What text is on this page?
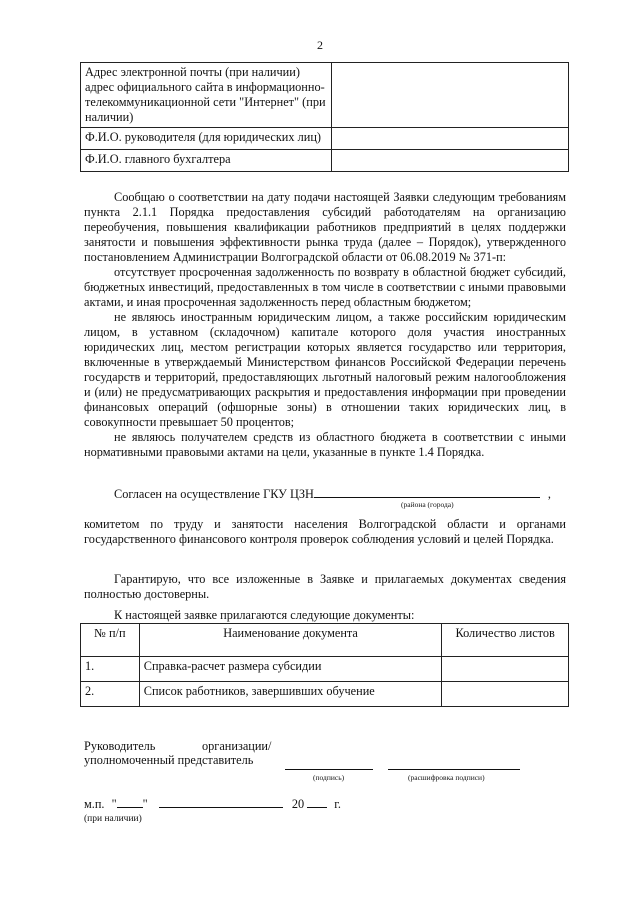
2
Адрес электронной почты (при наличии) адрес официального сайта в информационно-телекоммуникационной сети "Интернет" (при наличии)	
Ф.И.О. руководителя (для юридических лиц)	
Ф.И.О. главного бухгалтера	

Сообщаю о соответствии на дату подачи настоящей Заявки следующим требованиям пункта 2.1.1 Порядка предоставления субсидий работодателям на организацию переобучения, повышения квалификации работников предприятий в целях поддержки занятости и повышения эффективности рынка труда (далее – Порядок), утвержденного постановлением Администрации Волгоградской области от 06.08.2019 № 371-п:

отсутствует просроченная задолженность по возврату в областной бюджет субсидий, бюджетных инвестиций, предоставленных в том числе в соответствии с иными правовыми актами, и иная просроченная задолженность перед областным бюджетом;

не являюсь иностранным юридическим лицом, а также российским юридическим лицом, в уставном (складочном) капитале которого доля участия иностранных юридических лиц, местом регистрации которых является государство или территория, включенные в утверждаемый Министерством финансов Российской Федерации перечень государств и территорий, предоставляющих льготный налоговый режим налогообложения и (или) не предусматривающих раскрытия и предоставления информации при проведении финансовых операций (офшорные зоны) в отношении таких юридических лиц, в совокупности превышает 50 процентов;

не являюсь получателем средств из областного бюджета в соответствии с иными нормативными правовыми актами на цели, указанные в пункте 1.4 Порядка.

Согласен на осуществление ГКУ ЦЗН	,
(района (города)

комитетом по труду и занятости населения Волгоградской области и органами государственного финансового контроля проверок соблюдения условий и целей Порядка.

Гарантирую, что все изложенные в Заявке и прилагаемых документах сведения полностью достоверны.

К настоящей заявке прилагаются следующие документы:

№ п/п	Наименование документа	Количество листов
1.	Справка-расчет размера субсидии	
2.	Список работников, завершивших обучение	
Руководитель	организации/
уполномоченный представитель
(подпись)	(расшифровка подписи)
м.п. " "	20 г.
(при наличии)
